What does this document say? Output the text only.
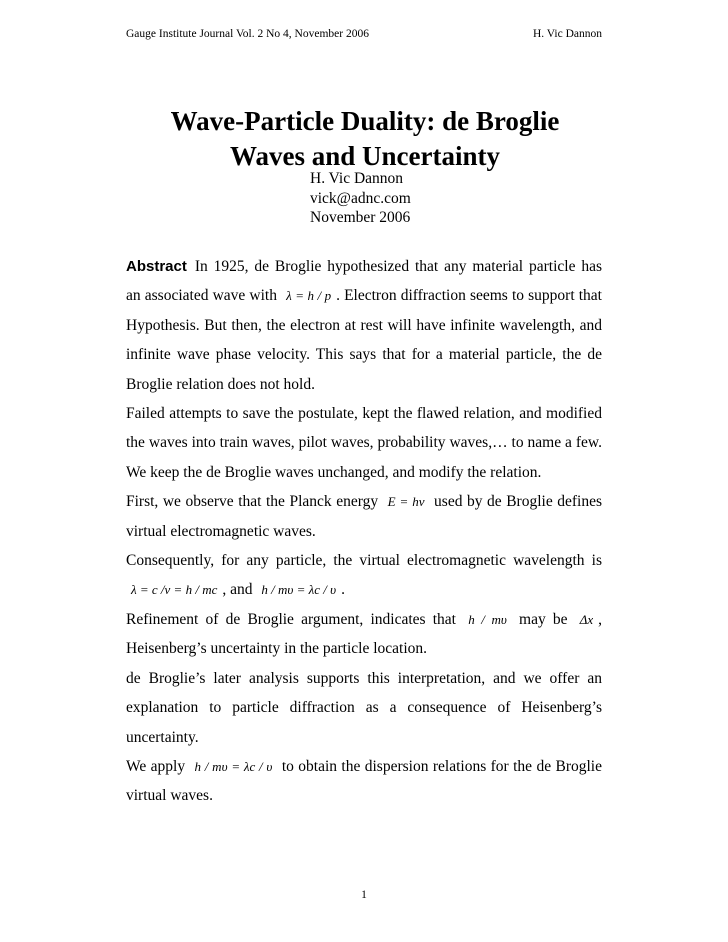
Gauge Institute Journal Vol. 2 No 4, November 2006	H. Vic Dannon
Wave-Particle Duality: de Broglie
Waves and Uncertainty
H. Vic Dannon
vick@adnc.com
November 2006

Abstract In 1925, de Broglie hypothesized that any material particle has an associated wave with λ = h / p . Electron diffraction seems to support that Hypothesis. But then, the electron at rest will have infinite wavelength, and infinite wave phase velocity. This says that for a material particle, the de Broglie relation does not hold.

Failed attempts to save the postulate, kept the flawed relation, and modified the waves into train waves, pilot waves, probability waves,… to name a few. We keep the de Broglie waves unchanged, and modify the relation.

First, we observe that the Planck energy E = hν used by de Broglie defines virtual electromagnetic waves.

Consequently, for any particle, the virtual electromagnetic wavelength is λ = c /ν = h / mc , and h / mυ = λc / υ .

Refinement of de Broglie argument, indicates that h / mυ may be Δx , Heisenberg’s uncertainty in the particle location.

de Broglie’s later analysis supports this interpretation, and we offer an explanation to particle diffraction as a consequence of Heisenberg’s uncertainty.

We apply h / mυ = λc / υ to obtain the dispersion relations for the de Broglie virtual waves.

1
